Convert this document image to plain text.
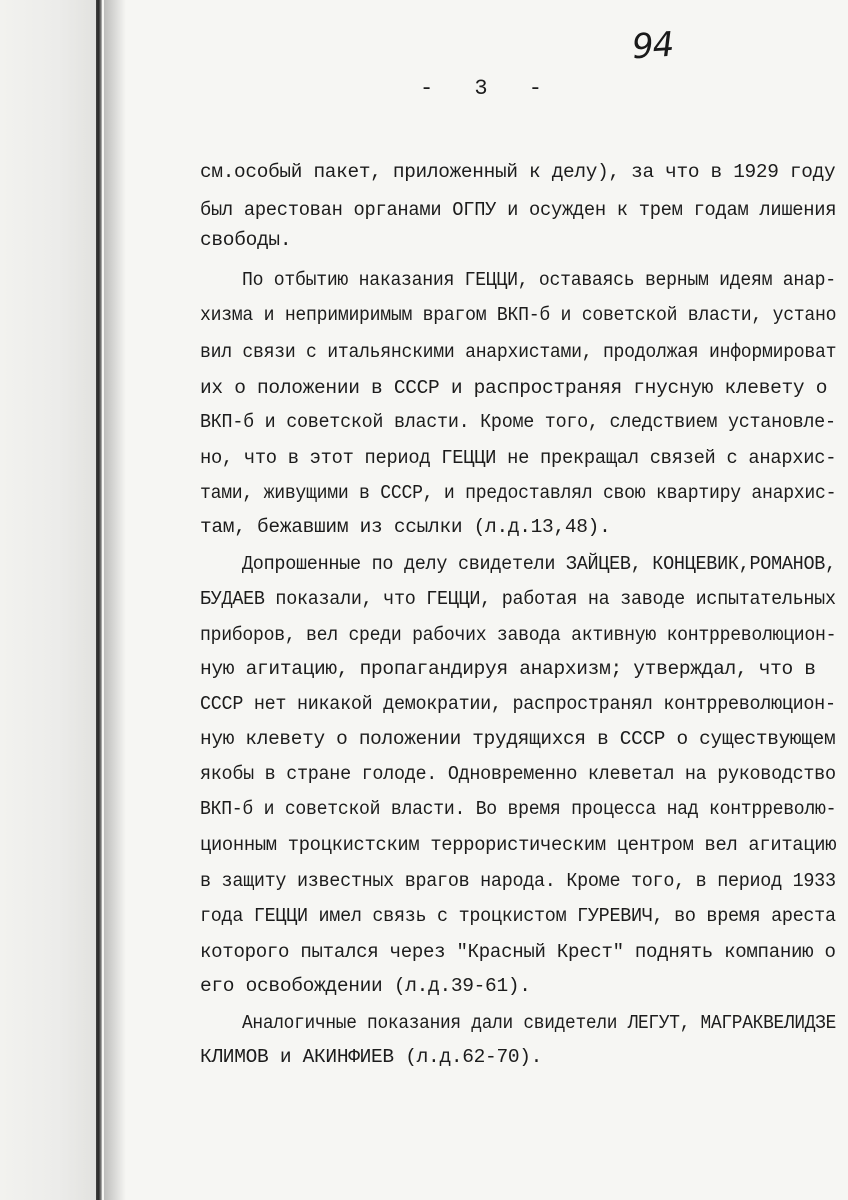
94
- 3 -
см.особый пакет, приложенный к делу), за что в 1929 году
был арестован органами ОГПУ и осужден к трем годам лишения
свободы.
По отбытию наказания ГЕЦЦИ, оставаясь верным идеям анар-
хизма и непримиримым врагом ВКП-б и советской власти, устано
вил связи с итальянскими анархистами, продолжая информироват
их о положении в СССР и распространяя гнусную клевету о
ВКП-б и советской власти. Кроме того, следствием установле-
но, что в этот период ГЕЦЦИ не прекращал связей с анархис-
тами, живущими в СССР, и предоставлял свою квартиру анархис-
там, бежавшим из ссылки (л.д.13,48).
Допрошенные по делу свидетели ЗАЙЦЕВ, КОНЦЕВИК,РОМАНОВ,
БУДАЕВ показали, что ГЕЦЦИ, работая на заводе испытательных
приборов, вел среди рабочих завода активную контрреволюцион-
ную агитацию, пропагандируя анархизм; утверждал, что в
СССР нет никакой демократии, распространял контрреволюцион-
ную клевету о положении трудящихся в СССР о существующем
якобы в стране голоде. Одновременно клеветал на руководство
ВКП-б и советской власти. Во время процесса над контрреволю-
ционным троцкистским террористическим центром вел агитацию
в защиту известных врагов народа. Кроме того, в период 1933
года ГЕЦЦИ имел связь с троцкистом ГУРЕВИЧ, во время ареста
которого пытался через "Красный Крест" поднять компанию о
его освобождении (л.д.39-61).
Аналогичные показания дали свидетели ЛЕГУТ, МАГРАКВЕЛИДЗЕ
КЛИМОВ и АКИНФИЕВ (л.д.62-70).
